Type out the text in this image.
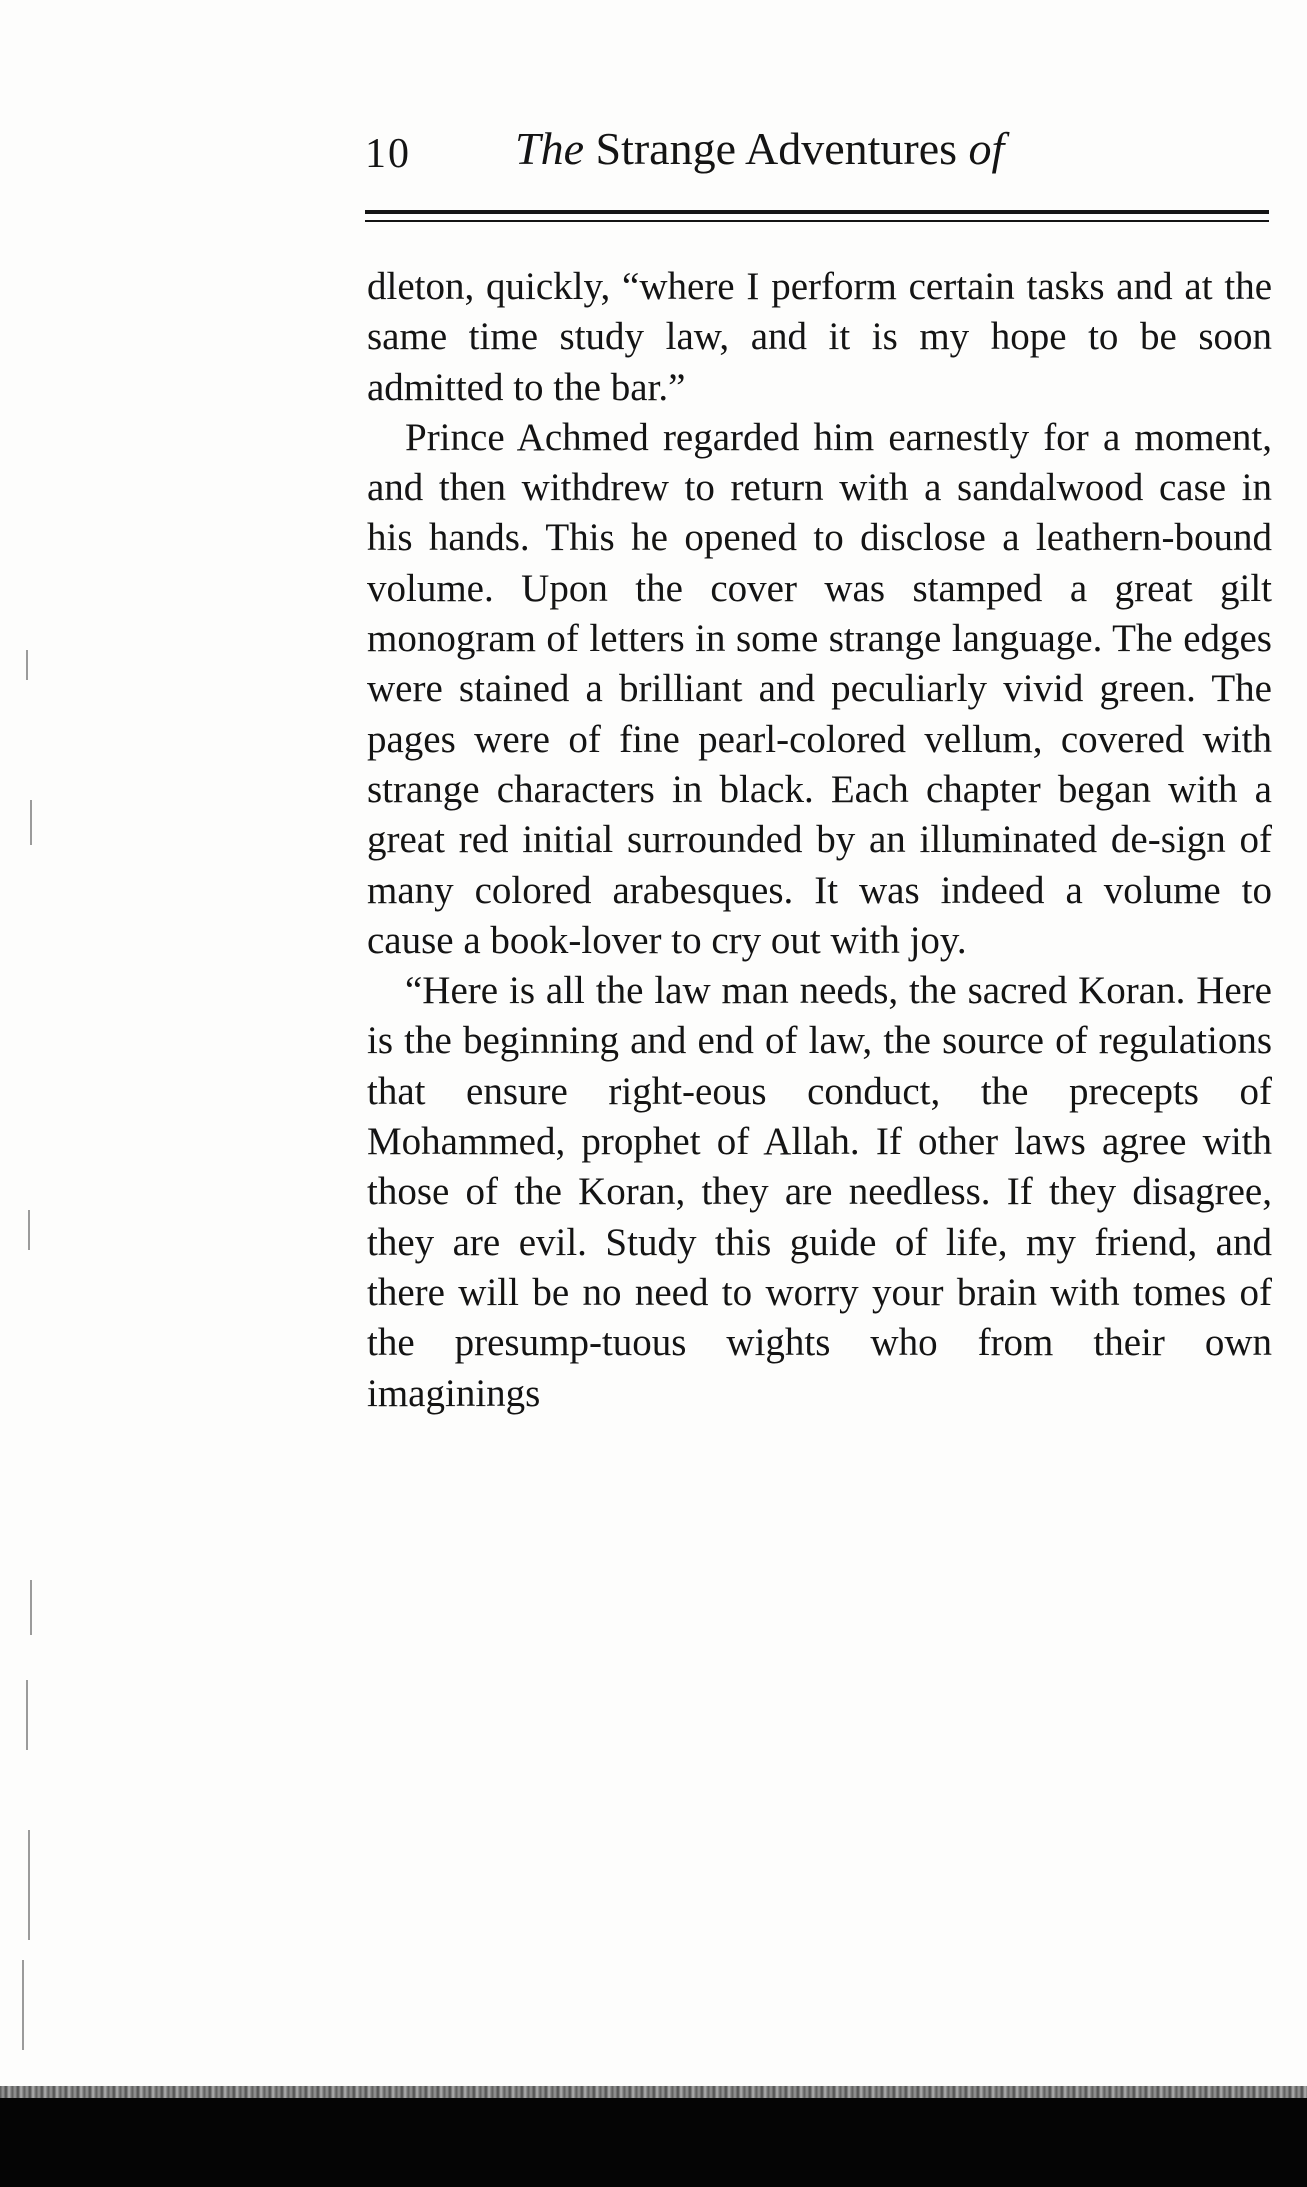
10 The Strange Adventures of

dleton, quickly, “where I perform certain tasks and at the same time study law, and it is my hope to be soon admitted to the bar.”

Prince Achmed regarded him earnestly for a moment, and then withdrew to return with a sandalwood case in his hands. This he opened to disclose a leathern-bound volume. Upon the cover was stamped a great gilt monogram of letters in some strange language. The edges were stained a brilliant and peculiarly vivid green. The pages were of fine pearl-colored vellum, covered with strange characters in black. Each chapter began with a great red initial surrounded by an illuminated de-sign of many colored arabesques. It was indeed a volume to cause a book-lover to cry out with joy.

“Here is all the law man needs, the sacred Koran. Here is the beginning and end of law, the source of regulations that ensure right-eous conduct, the precepts of Mohammed, prophet of Allah. If other laws agree with those of the Koran, they are needless. If they disagree, they are evil. Study this guide of life, my friend, and there will be no need to worry your brain with tomes of the presump-tuous wights who from their own imaginings
